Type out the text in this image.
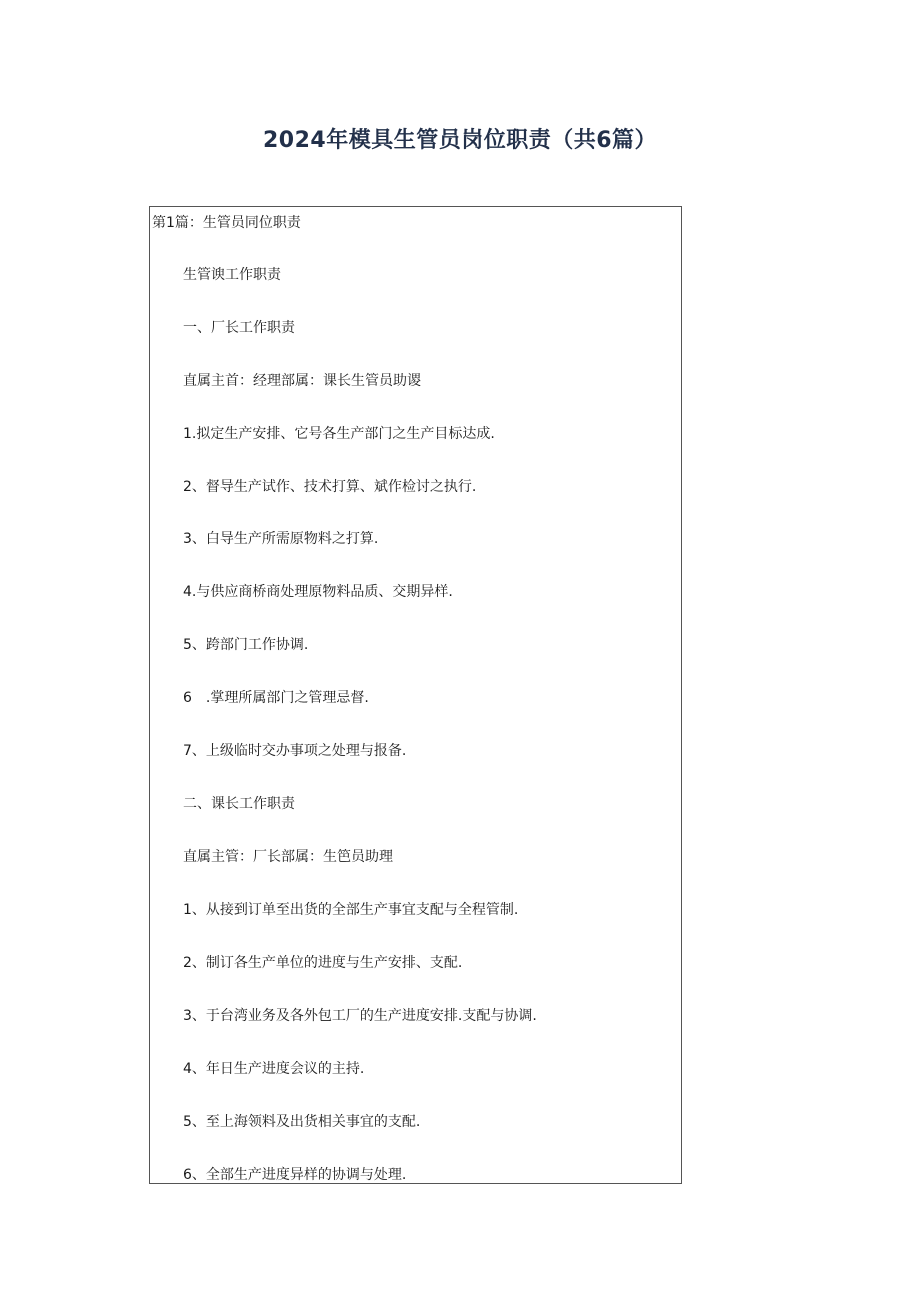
2024年模具生管员岗位职责（共6篇）
第1篇：生管员同位职责
生管谀工作职责
一、厂长工作职责
直属主首：经理部属：课长生管员助谡
1.拟定生产安排、它号各生产部门之生产目标达成.
2、督导生产试作、技术打算、斌作检讨之执行.
3、白导生产所需原物料之打算.
4.与供应商桥商处理原物料品质、交期异样.
5、跨部门工作协调.
6　.掌理所属部门之管理忌督.
7、上级临时交办事项之处理与报备.
二、课长工作职责
直属主管：厂长部属：生笆员助理
1、从接到订单至出货的全部生产事宜支配与全程管制.
2、制订各生产单位的进度与生产安排、支配.
3、于台湾业务及各外包工厂的生产进度安排.支配与协调.
4、年日生产进度会议的主持.
5、至上海领料及出货相关事宜的支配.
6、全部生产进度异样的协调与处理.
